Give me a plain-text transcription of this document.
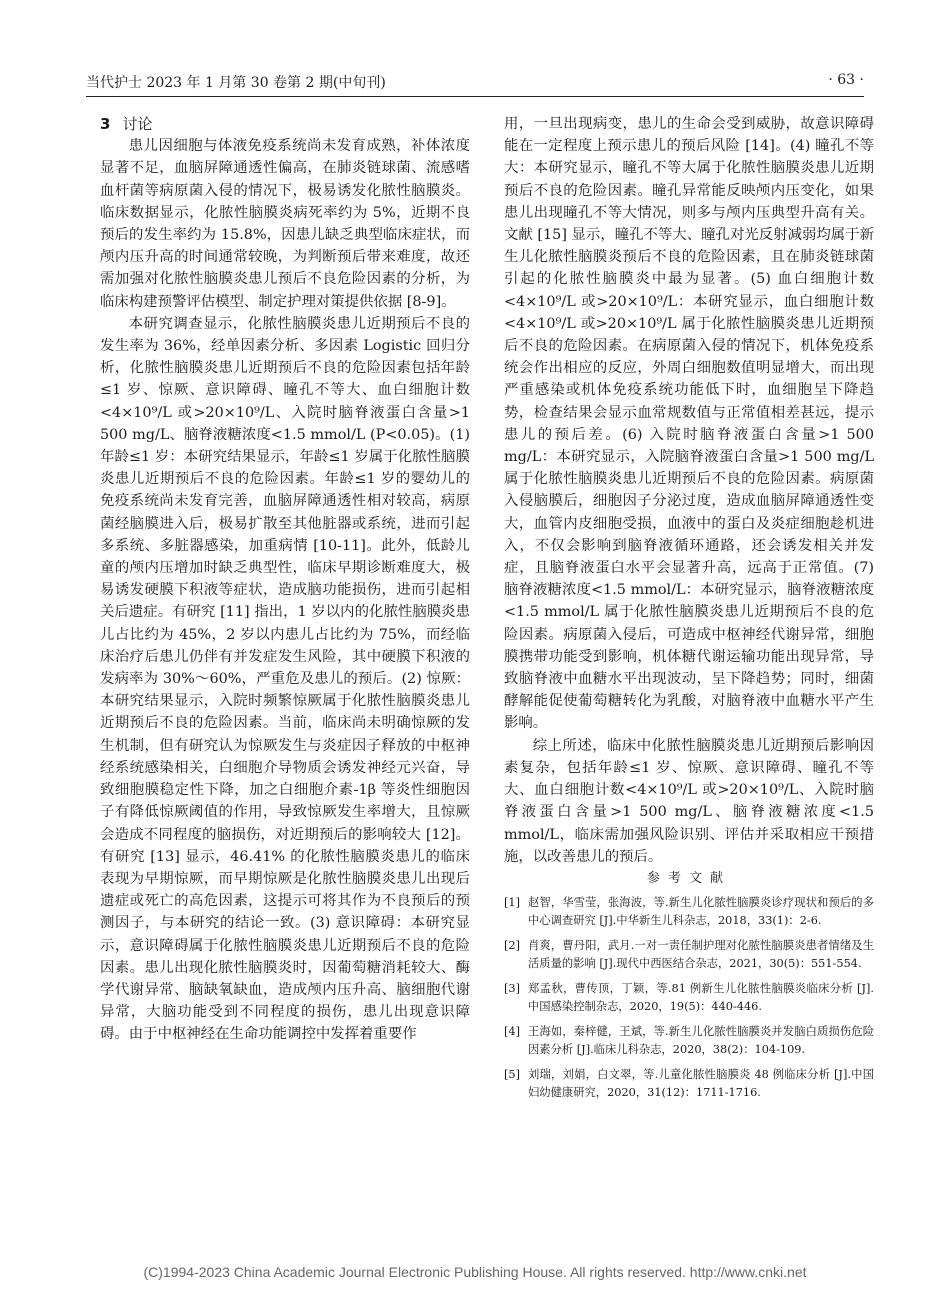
当代护士 2023 年 1 月第 30 卷第 2 期(中旬刊)	· 63 ·
3 讨论

患儿因细胞与体液免疫系统尚未发育成熟，补体浓度显著不足，血脑屏障通透性偏高，在肺炎链球菌、流感嗜血杆菌等病原菌入侵的情况下，极易诱发化脓性脑膜炎。临床数据显示，化脓性脑膜炎病死率约为 5%，近期不良预后的发生率约为 15.8%，因患儿缺乏典型临床症状，而颅内压升高的时间通常较晚，为判断预后带来难度，故还需加强对化脓性脑膜炎患儿预后不良危险因素的分析，为临床构建预警评估模型、制定护理对策提供依据 [8-9]。

本研究调查显示，化脓性脑膜炎患儿近期预后不良的发生率为 36%，经单因素分析、多因素 Logistic 回归分析，化脓性脑膜炎患儿近期预后不良的危险因素包括年龄≤1 岁、惊厥、意识障碍、瞳孔不等大、血白细胞计数<4×10⁹/L 或>20×10⁹/L、入院时脑脊液蛋白含量>1 500 mg/L、脑脊液糖浓度<1.5 mmol/L (P<0.05)。(1) 年龄≤1 岁：本研究结果显示，年龄≤1 岁属于化脓性脑膜炎患儿近期预后不良的危险因素。年龄≤1 岁的婴幼儿的免疫系统尚未发育完善，血脑屏障通透性相对较高，病原菌经脑膜进入后，极易扩散至其他脏器或系统，进而引起多系统、多脏器感染，加重病情 [10-11]。此外，低龄儿童的颅内压增加时缺乏典型性，临床早期诊断难度大，极易诱发硬膜下积液等症状，造成脑功能损伤，进而引起相关后遗症。有研究 [11] 指出，1 岁以内的化脓性脑膜炎患儿占比约为 45%，2 岁以内患儿占比约为 75%，而经临床治疗后患儿仍伴有并发症发生风险，其中硬膜下积液的发病率为 30%～60%，严重危及患儿的预后。(2) 惊厥：本研究结果显示，入院时频繁惊厥属于化脓性脑膜炎患儿近期预后不良的危险因素。当前，临床尚未明确惊厥的发生机制，但有研究认为惊厥发生与炎症因子释放的中枢神经系统感染相关，白细胞介导物质会诱发神经元兴奋，导致细胞膜稳定性下降，加之白细胞介素-1β 等炎性细胞因子有降低惊厥阈值的作用，导致惊厥发生率增大，且惊厥会造成不同程度的脑损伤，对近期预后的影响较大 [12]。有研究 [13] 显示，46.41% 的化脓性脑膜炎患儿的临床表现为早期惊厥，而早期惊厥是化脓性脑膜炎患儿出现后遗症或死亡的高危因素，这提示可将其作为不良预后的预测因子，与本研究的结论一致。(3) 意识障碍：本研究显示，意识障碍属于化脓性脑膜炎患儿近期预后不良的危险因素。患儿出现化脓性脑膜炎时，因葡萄糖消耗较大、酶学代谢异常、脑缺氧缺血，造成颅内压升高、脑细胞代谢异常，大脑功能受到不同程度的损伤，患儿出现意识障碍。由于中枢神经在生命功能调控中发挥着重要作

用，一旦出现病变，患儿的生命会受到威胁，故意识障碍能在一定程度上预示患儿的预后风险 [14]。(4) 瞳孔不等大：本研究显示，瞳孔不等大属于化脓性脑膜炎患儿近期预后不良的危险因素。瞳孔异常能反映颅内压变化，如果患儿出现瞳孔不等大情况，则多与颅内压典型升高有关。文献 [15] 显示，瞳孔不等大、瞳孔对光反射减弱均属于新生儿化脓性脑膜炎预后不良的危险因素，且在肺炎链球菌引起的化脓性脑膜炎中最为显著。(5) 血白细胞计数<4×10⁹/L 或>20×10⁹/L：本研究显示，血白细胞计数<4×10⁹/L 或>20×10⁹/L 属于化脓性脑膜炎患儿近期预后不良的危险因素。在病原菌入侵的情况下，机体免疫系统会作出相应的反应，外周白细胞数值明显增大，而出现严重感染或机体免疫系统功能低下时，血细胞呈下降趋势，检查结果会显示血常规数值与正常值相差甚远，提示患儿的预后差。(6) 入院时脑脊液蛋白含量>1 500 mg/L：本研究显示，入院脑脊液蛋白含量>1 500 mg/L 属于化脓性脑膜炎患儿近期预后不良的危险因素。病原菌入侵脑膜后，细胞因子分泌过度，造成血脑屏障通透性变大，血管内皮细胞受损，血液中的蛋白及炎症细胞趁机进入，不仅会影响到脑脊液循环通路，还会诱发相关并发症，且脑脊液蛋白水平会显著升高，远高于正常值。(7) 脑脊液糖浓度<1.5 mmol/L：本研究显示，脑脊液糖浓度<1.5 mmol/L 属于化脓性脑膜炎患儿近期预后不良的危险因素。病原菌入侵后，可造成中枢神经代谢异常，细胞膜携带功能受到影响，机体糖代谢运输功能出现异常，导致脑脊液中血糖水平出现波动，呈下降趋势；同时，细菌酵解能促使葡萄糖转化为乳酸，对脑脊液中血糖水平产生影响。

综上所述，临床中化脓性脑膜炎患儿近期预后影响因素复杂，包括年龄≤1 岁、惊厥、意识障碍、瞳孔不等大、血白细胞计数<4×10⁹/L 或>20×10⁹/L、入院时脑脊液蛋白含量>1 500 mg/L、脑脊液糖浓度<1.5 mmol/L，临床需加强风险识别、评估并采取相应干预措施，以改善患儿的预后。

参考文献
[1] 赵智，华雪莹，张海波，等.新生儿化脓性脑膜炎诊疗现状和预后的多中心调查研究 [J].中华新生儿科杂志，2018，33(1)：2-6.
[2] 肖爽，曹丹阳，武月.一对一责任制护理对化脓性脑膜炎患者情绪及生活质量的影响 [J].现代中西医结合杂志，2021，30(5)：551-554.
[3] 郑孟秋，曹传顶，丁颖，等.81 例新生儿化脓性脑膜炎临床分析 [J].中国感染控制杂志，2020，19(5)：440-446.
[4] 王海如，秦梓健，王斌，等.新生儿化脓性脑膜炎并发脑白质损伤危险因素分析 [J].临床儿科杂志，2020，38(2)：104-109.
[5] 刘瑞，刘娟，白文翠，等.儿童化脓性脑膜炎 48 例临床分析 [J].中国妇幼健康研究，2020，31(12)：1711-1716.
(C)1994-2023 China Academic Journal Electronic Publishing House. All rights reserved. http://www.cnki.net
